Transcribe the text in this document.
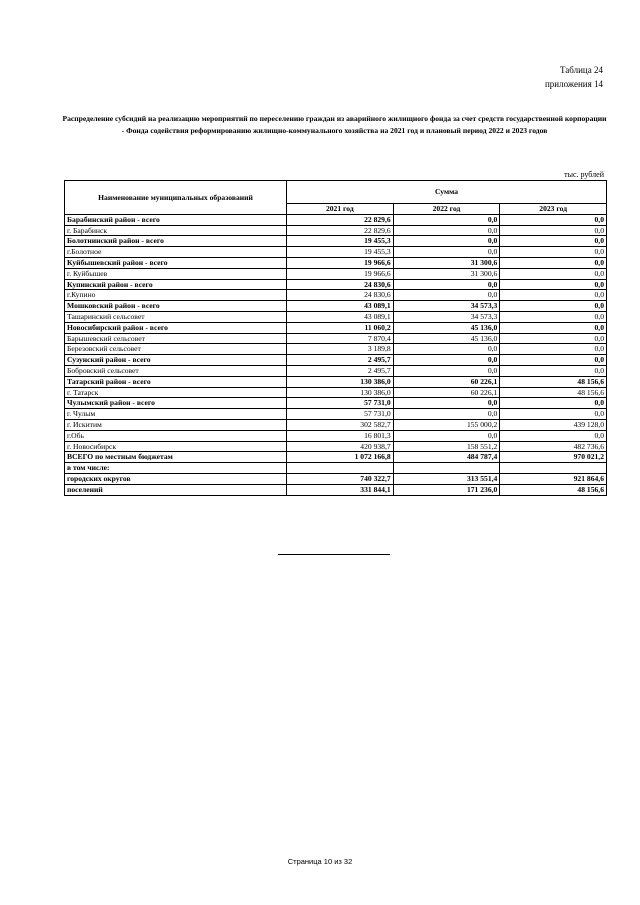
Таблица 24
приложения 14
Распределение субсидий на реализацию мероприятий по переселению граждан из аварийного жилищного фонда за счет средств государственной корпорации - Фонда содействия реформированию жилищно-коммунального хозяйства на 2021 год и плановый период 2022 и 2023 годов
тыс. рублей
Наименование муниципальных образований	Сумма		
	2021 год	2022 год	2023 год
Барабинский район - всего	22 829,6	0,0	0,0
г. Барабинск	22 829,6	0,0	0,0
Болотнинский район - всего	19 455,3	0,0	0,0
г.Болотное	19 455,3	0,0	0,0
Куйбышевский район - всего	19 966,6	31 300,6	0,0
г. Куйбышев	19 966,6	31 300,6	0,0
Купинский район - всего	24 830,6	0,0	0,0
г.Купино	24 830,6	0,0	0,0
Мошковский район - всего	43 089,1	34 573,3	0,0
Ташаринский сельсовет	43 089,1	34 573,3	0,0
Новосибирский район - всего	11 060,2	45 136,0	0,0
Барышевский сельсовет	7 870,4	45 136,0	0,0
Березовский сельсовет	3 189,8	0,0	0,0
Сузунский район - всего	2 495,7	0,0	0,0
Бобровский сельсовет	2 495,7	0,0	0,0
Татарский район - всего	130 386,0	60 226,1	48 156,6
г. Татарск	130 386,0	60 226,1	48 156,6
Чулымский район - всего	57 731,0	0,0	0,0
г. Чулым	57 731,0	0,0	0,0
г. Искитим	302 582,7	155 000,2	439 128,0
г.Обь	16 801,3	0,0	0,0
г. Новосибирск	420 938,7	158 551,2	482 736,6
ВСЕГО по местным бюджетам	1 072 166,8	484 787,4	970 021,2
в том числе:			
городских округов	740 322,7	313 551,4	921 864,6
поселений	331 844,1	171 236,0	48 156,6
Страница 10 из 32
